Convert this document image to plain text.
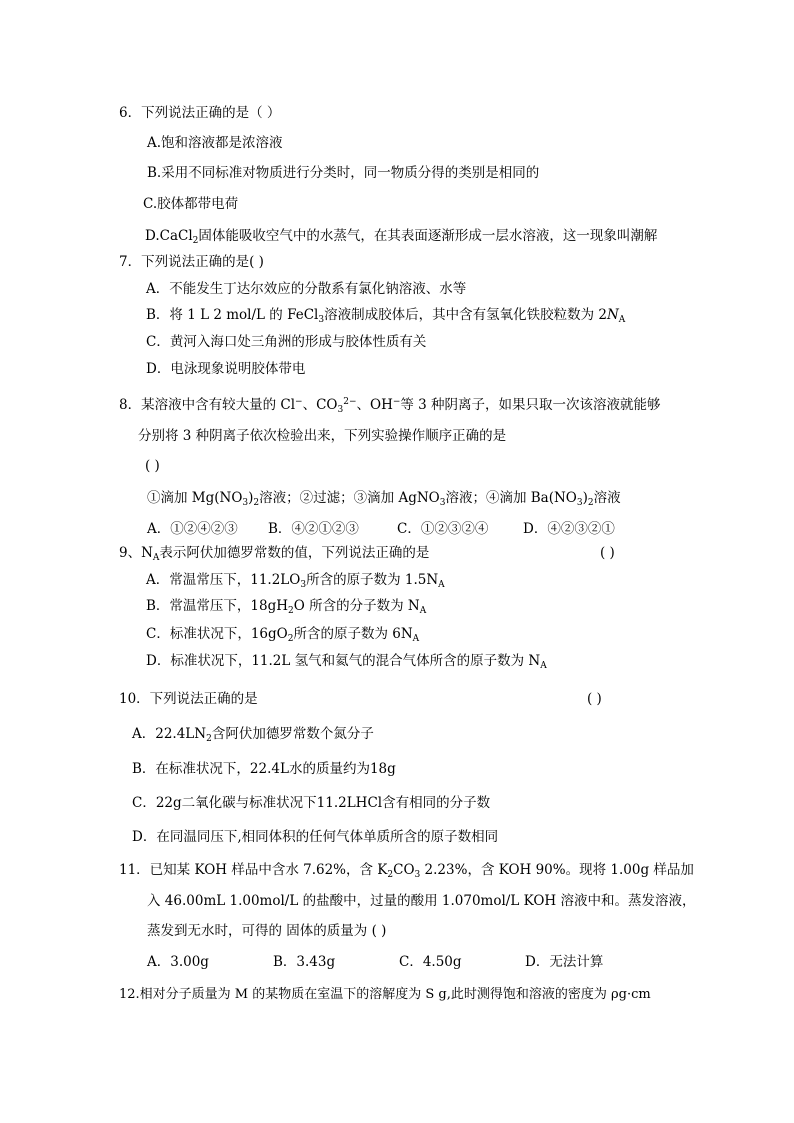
6．下列说法正确的是（ ）
A.饱和溶液都是浓溶液
B.采用不同标准对物质进行分类时，同一物质分得的类别是相同的
C.胶体都带电荷
D.CaCl$_2$固体能吸收空气中的水蒸气，在其表面逐渐形成一层水溶液，这一现象叫潮解
7．下列说法正确的是( )
A．不能发生丁达尔效应的分散系有氯化钠溶液、水等
B．将 1 L 2 mol/L 的 FeCl$_3$溶液制成胶体后，其中含有氢氧化铁胶粒数为 $2N_A$
C．黄河入海口处三角洲的形成与胶体性质有关
D．电泳现象说明胶体带电
8．某溶液中含有较大量的 Cl−、$CO_3^{2-}$、OH−等 3 种阴离子，如果只取一次该溶液就能够
分别将 3 种阴离子依次检验出来，下列实验操作顺序正确的是
( )
①滴加 $Mg(NO_3)_2$溶液；②过滤；③滴加 AgNO$_3$溶液；④滴加 $Ba(NO_3)_2$溶液
A．①②④②③ B．④②①②③	C．①②③②④	D．④②③②①
9、$N_A$表示阿伏加德罗常数的值，下列说法正确的是	( )
A．常温常压下，$11.2LO_3$所含的原子数为 $1.5N_A$
B．常温常压下，$18gH_2O$ 所含的分子数为 $N_A$
C．标准状况下，$16gO_2$所含的原子数为 $6N_A$
D．标准状况下，11.2L 氢气和氦气的混合气体所含的原子数为 $N_A$
10．下列说法正确的是	( )
A．$22.4LN_2$含阿伏加德罗常数个氮分子
B．在标准状况下，22.4L水的质量约为18g
C．22g二氧化碳与标准状况下11.2LHCl含有相同的分子数
D．在同温同压下,相同体积的任何气体单质所含的原子数相同
11．已知某 KOH 样品中含水 7.62%，含 $K_2CO_3$ 2.23%，含 KOH 90%。现将 1.00g 样品加
入 46.00mL 1.00mol/L 的盐酸中，过量的酸用 1.070mol/L KOH 溶液中和。蒸发溶液，
蒸发到无水时，可得的 固体的质量为 ( )
A．3.00g	B．3.43g	C．4.50g	D．无法计算
12.相对分子质量为 M 的某物质在室温下的溶解度为 S g,此时测得饱和溶液的密度为 ρg·cm
